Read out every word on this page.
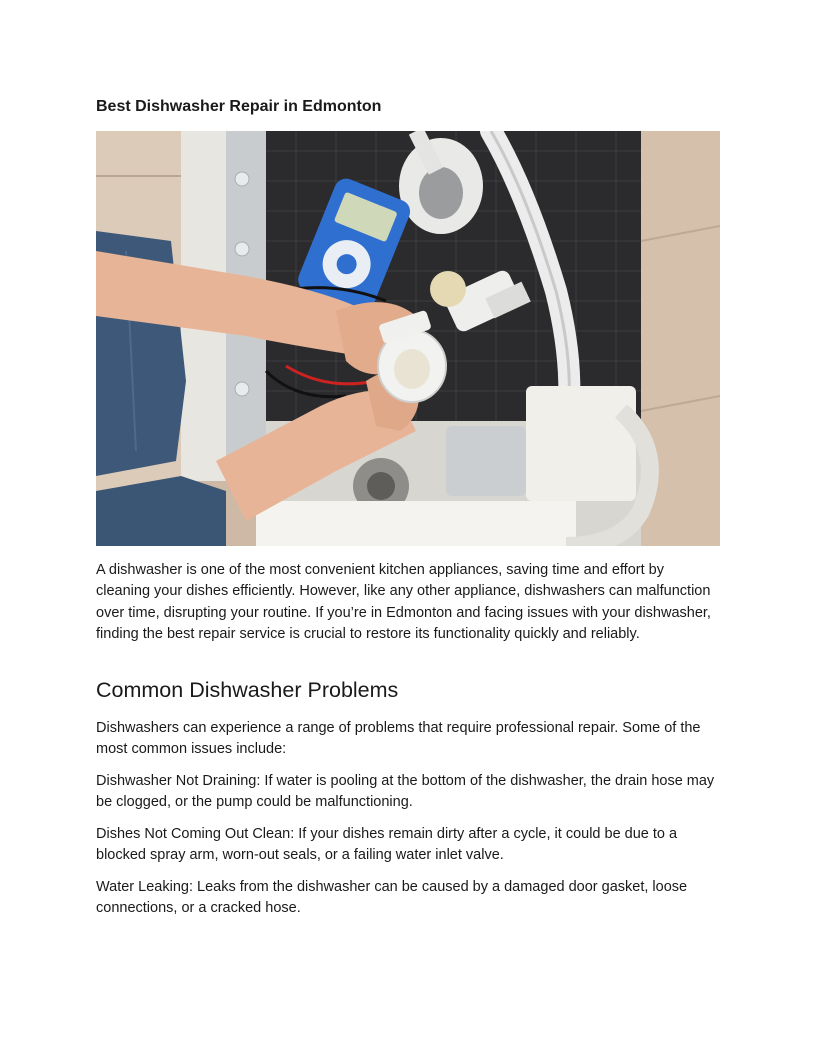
Best Dishwasher Repair in Edmonton

A dishwasher is one of the most convenient kitchen appliances, saving time and effort by cleaning your dishes efficiently. However, like any other appliance, dishwashers can malfunction over time, disrupting your routine. If you’re in Edmonton and facing issues with your dishwasher, finding the best repair service is crucial to restore its functionality quickly and reliably.

Common Dishwasher Problems

Dishwashers can experience a range of problems that require professional repair. Some of the most common issues include:

Dishwasher Not Draining: If water is pooling at the bottom of the dishwasher, the drain hose may be clogged, or the pump could be malfunctioning.

Dishes Not Coming Out Clean: If your dishes remain dirty after a cycle, it could be due to a blocked spray arm, worn-out seals, or a failing water inlet valve.

Water Leaking: Leaks from the dishwasher can be caused by a damaged door gasket, loose connections, or a cracked hose.
